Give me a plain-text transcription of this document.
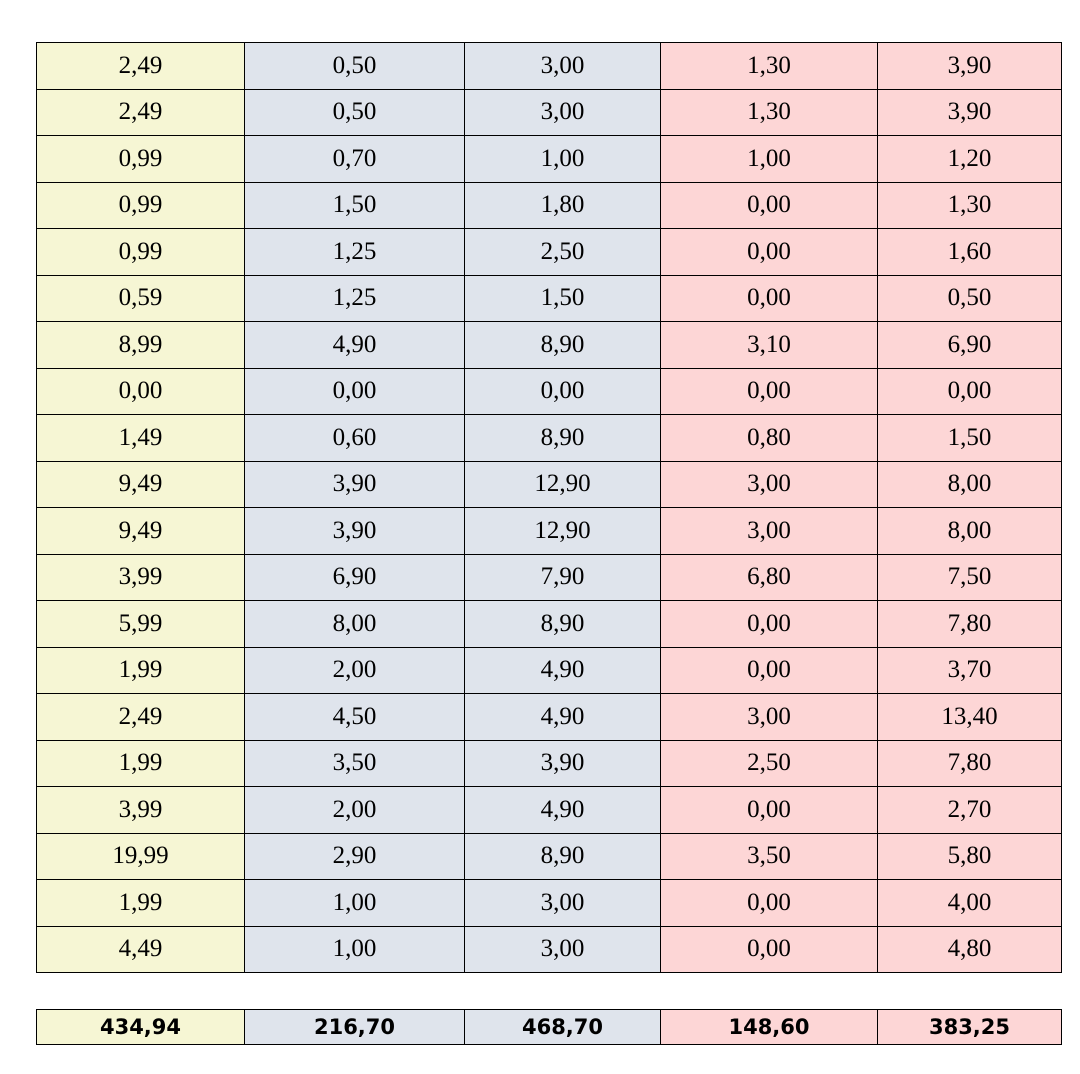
2,49	0,50	3,00	1,30	3,90
2,49	0,50	3,00	1,30	3,90
0,99	0,70	1,00	1,00	1,20
0,99	1,50	1,80	0,00	1,30
0,99	1,25	2,50	0,00	1,60
0,59	1,25	1,50	0,00	0,50
8,99	4,90	8,90	3,10	6,90
0,00	0,00	0,00	0,00	0,00
1,49	0,60	8,90	0,80	1,50
9,49	3,90	12,90	3,00	8,00
9,49	3,90	12,90	3,00	8,00
3,99	6,90	7,90	6,80	7,50
5,99	8,00	8,90	0,00	7,80
1,99	2,00	4,90	0,00	3,70
2,49	4,50	4,90	3,00	13,40
1,99	3,50	3,90	2,50	7,80
3,99	2,00	4,90	0,00	2,70
19,99	2,90	8,90	3,50	5,80
1,99	1,00	3,00	0,00	4,00
4,49	1,00	3,00	0,00	4,80
434,94	216,70	468,70	148,60	383,25
